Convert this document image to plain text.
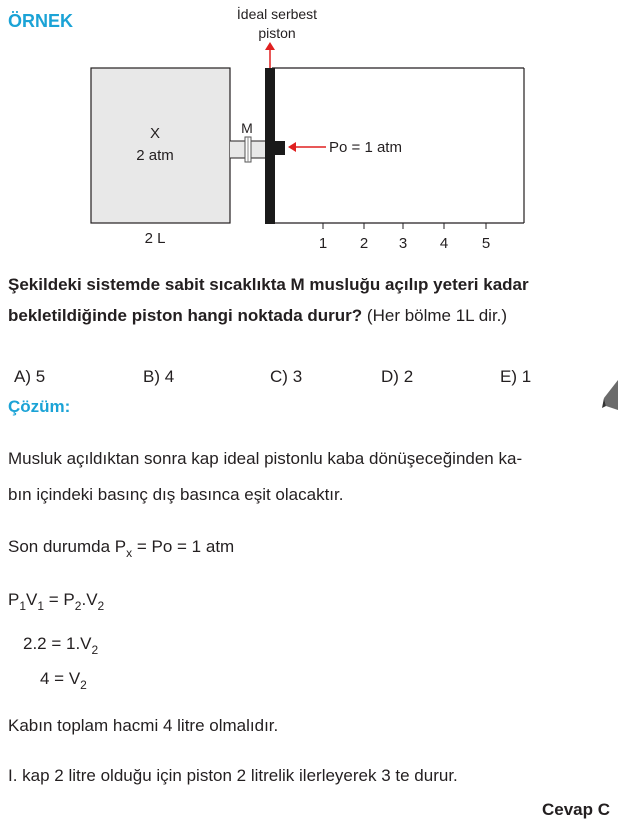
ÖRNEK	İdeal serbest
piston
X
2 atm
M
Po = 1 atm
2 L	1 2 3 4 5
Şekildeki sistemde sabit sıcaklıkta M musluğu açılıp yeteri kadar bekletildiğinde piston hangi noktada durur? (Her bölme 1L dir.)
A) 5	B) 4	C) 3	D) 2	E) 1
Çözüm:
Musluk açıldıktan sonra kap ideal pistonlu kaba dönüşeceğinden ka-
bın içindeki basınç dış basınca eşit olacaktır.
Son durumda $P_x = Po = 1$ atm
$P_1V_1 = P_2.V_2$
$2.2 = 1.V_2$
$4 = V_2$
Kabın toplam hacmi 4 litre olmalıdır.
I. kap 2 litre olduğu için piston 2 litrelik ilerleyerek 3 te durur.
Cevap C
